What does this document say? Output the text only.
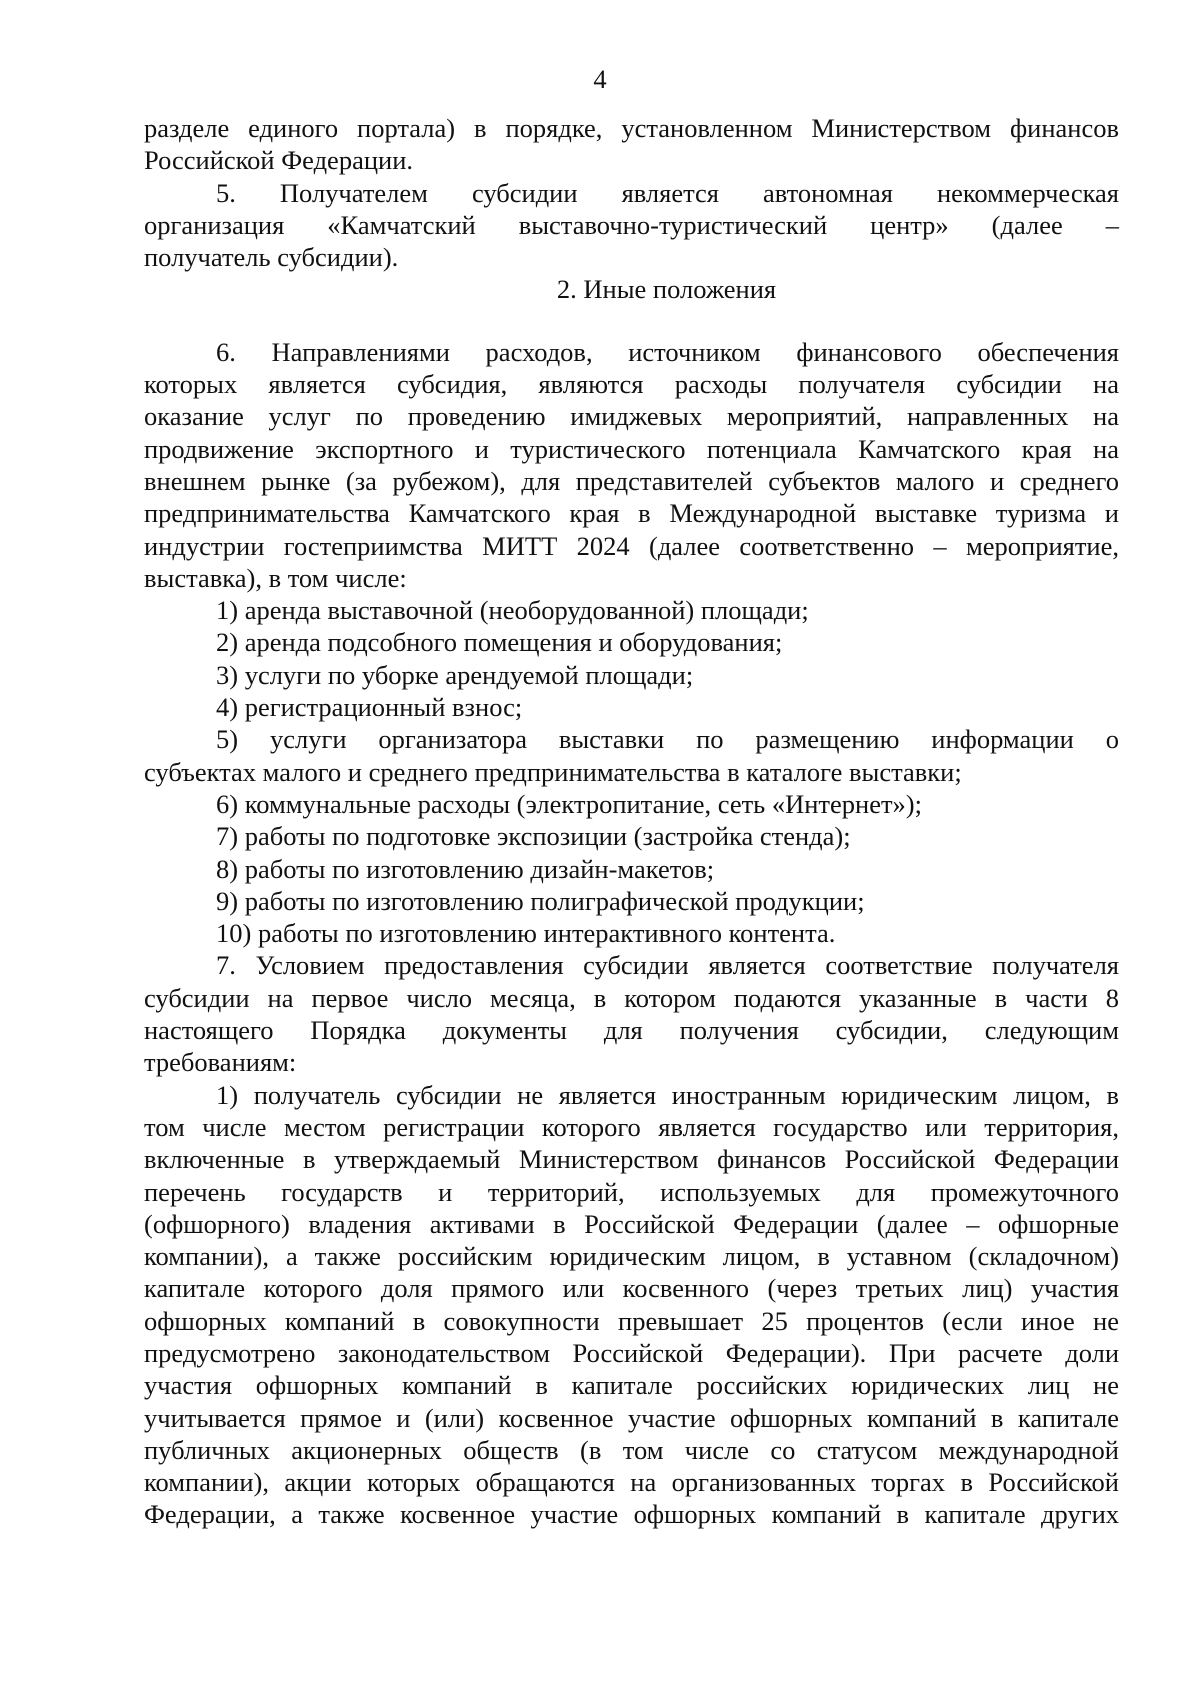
4
разделе единого портала) в порядке, установленном Министерством финансов
Российской Федерации.
5. Получателем субсидии является автономная некоммерческая
организация «Камчатский выставочно-туристический центр» (далее –
получатель субсидии).
2. Иные положения
6. Направлениями расходов, источником финансового обеспечения
которых является субсидия, являются расходы получателя субсидии на
оказание услуг по проведению имиджевых мероприятий, направленных на
продвижение экспортного и туристического потенциала Камчатского края на
внешнем рынке (за рубежом), для представителей субъектов малого и среднего
предпринимательства Камчатского края в Международной выставке туризма и
индустрии гостеприимства МИТТ 2024 (далее соответственно – мероприятие,
выставка), в том числе:
1) аренда выставочной (необорудованной) площади;
2) аренда подсобного помещения и оборудования;
3) услуги по уборке арендуемой площади;
4) регистрационный взнос;
5) услуги организатора выставки по размещению информации о
субъектах малого и среднего предпринимательства в каталоге выставки;
6) коммунальные расходы (электропитание, сеть «Интернет»);
7) работы по подготовке экспозиции (застройка стенда);
8) работы по изготовлению дизайн-макетов;
9) работы по изготовлению полиграфической продукции;
10) работы по изготовлению интерактивного контента.
7. Условием предоставления субсидии является соответствие получателя
субсидии на первое число месяца, в котором подаются указанные в части 8
настоящего Порядка документы для получения субсидии, следующим
требованиям:
1) получатель субсидии не является иностранным юридическим лицом, в
том числе местом регистрации которого является государство или территория,
включенные в утверждаемый Министерством финансов Российской Федерации
перечень государств и территорий, используемых для промежуточного
(офшорного) владения активами в Российской Федерации (далее – офшорные
компании), а также российским юридическим лицом, в уставном (складочном)
капитале которого доля прямого или косвенного (через третьих лиц) участия
офшорных компаний в совокупности превышает 25 процентов (если иное не
предусмотрено законодательством Российской Федерации). При расчете доли
участия офшорных компаний в капитале российских юридических лиц не
учитывается прямое и (или) косвенное участие офшорных компаний в капитале
публичных акционерных обществ (в том числе со статусом международной
компании), акции которых обращаются на организованных торгах в Российской
Федерации, а также косвенное участие офшорных компаний в капитале других
